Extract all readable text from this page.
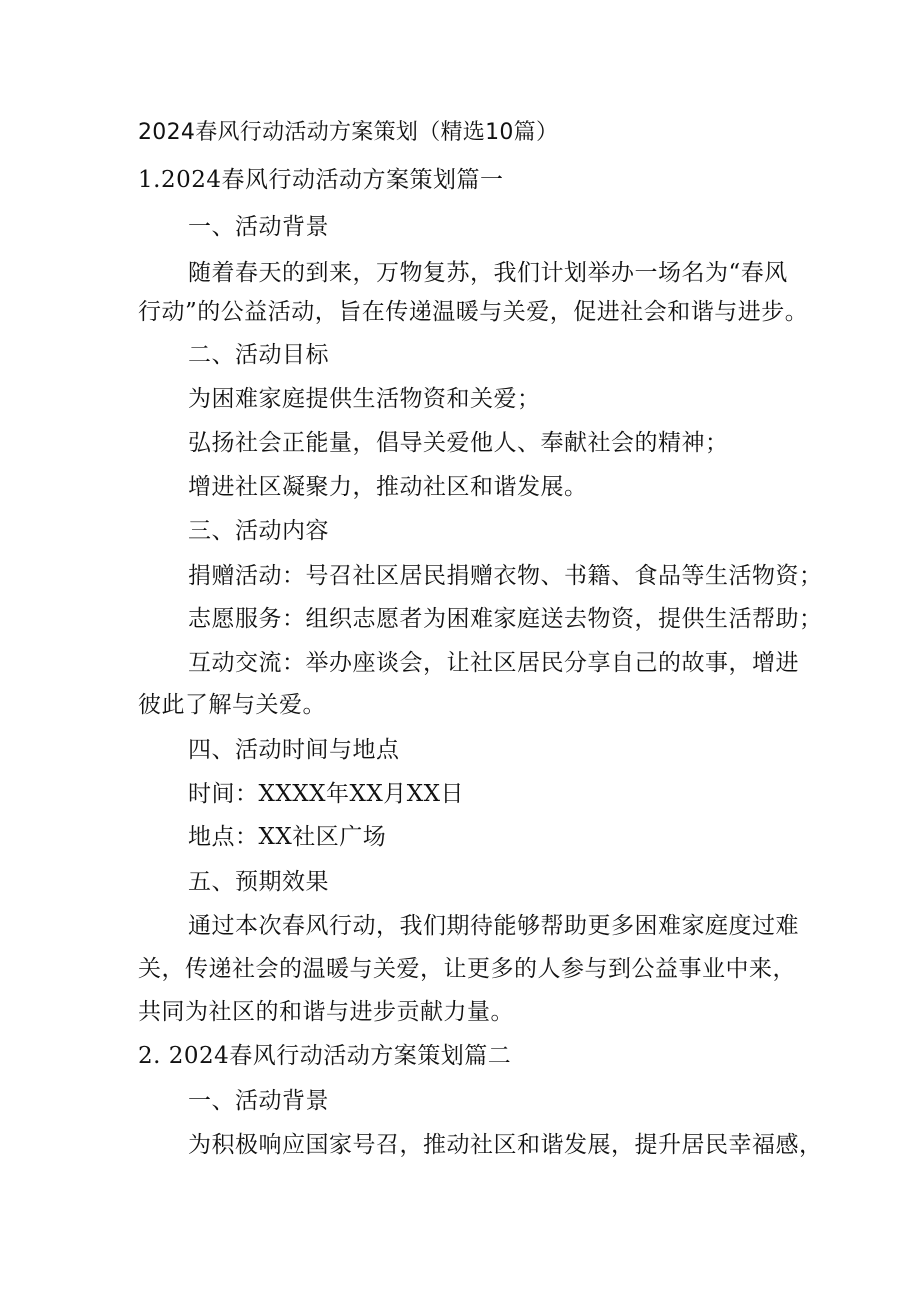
2024春风行动活动方案策划（精选10篇）
1.2024春风行动活动方案策划篇一
一、活动背景
随着春天的到来，万物复苏，我们计划举办一场名为“春风
行动”的公益活动，旨在传递温暖与关爱，促进社会和谐与进步。
二、活动目标
为困难家庭提供生活物资和关爱；
弘扬社会正能量，倡导关爱他人、奉献社会的精神；
增进社区凝聚力，推动社区和谐发展。
三、活动内容
捐赠活动：号召社区居民捐赠衣物、书籍、食品等生活物资；
志愿服务：组织志愿者为困难家庭送去物资，提供生活帮助；
互动交流：举办座谈会，让社区居民分享自己的故事，增进
彼此了解与关爱。
四、活动时间与地点
时间：XXXX年XX月XX日
地点：XX社区广场
五、预期效果
通过本次春风行动，我们期待能够帮助更多困难家庭度过难
关，传递社会的温暖与关爱，让更多的人参与到公益事业中来，
共同为社区的和谐与进步贡献力量。
2. 2024春风行动活动方案策划篇二
一、活动背景
为积极响应国家号召，推动社区和谐发展，提升居民幸福感，
